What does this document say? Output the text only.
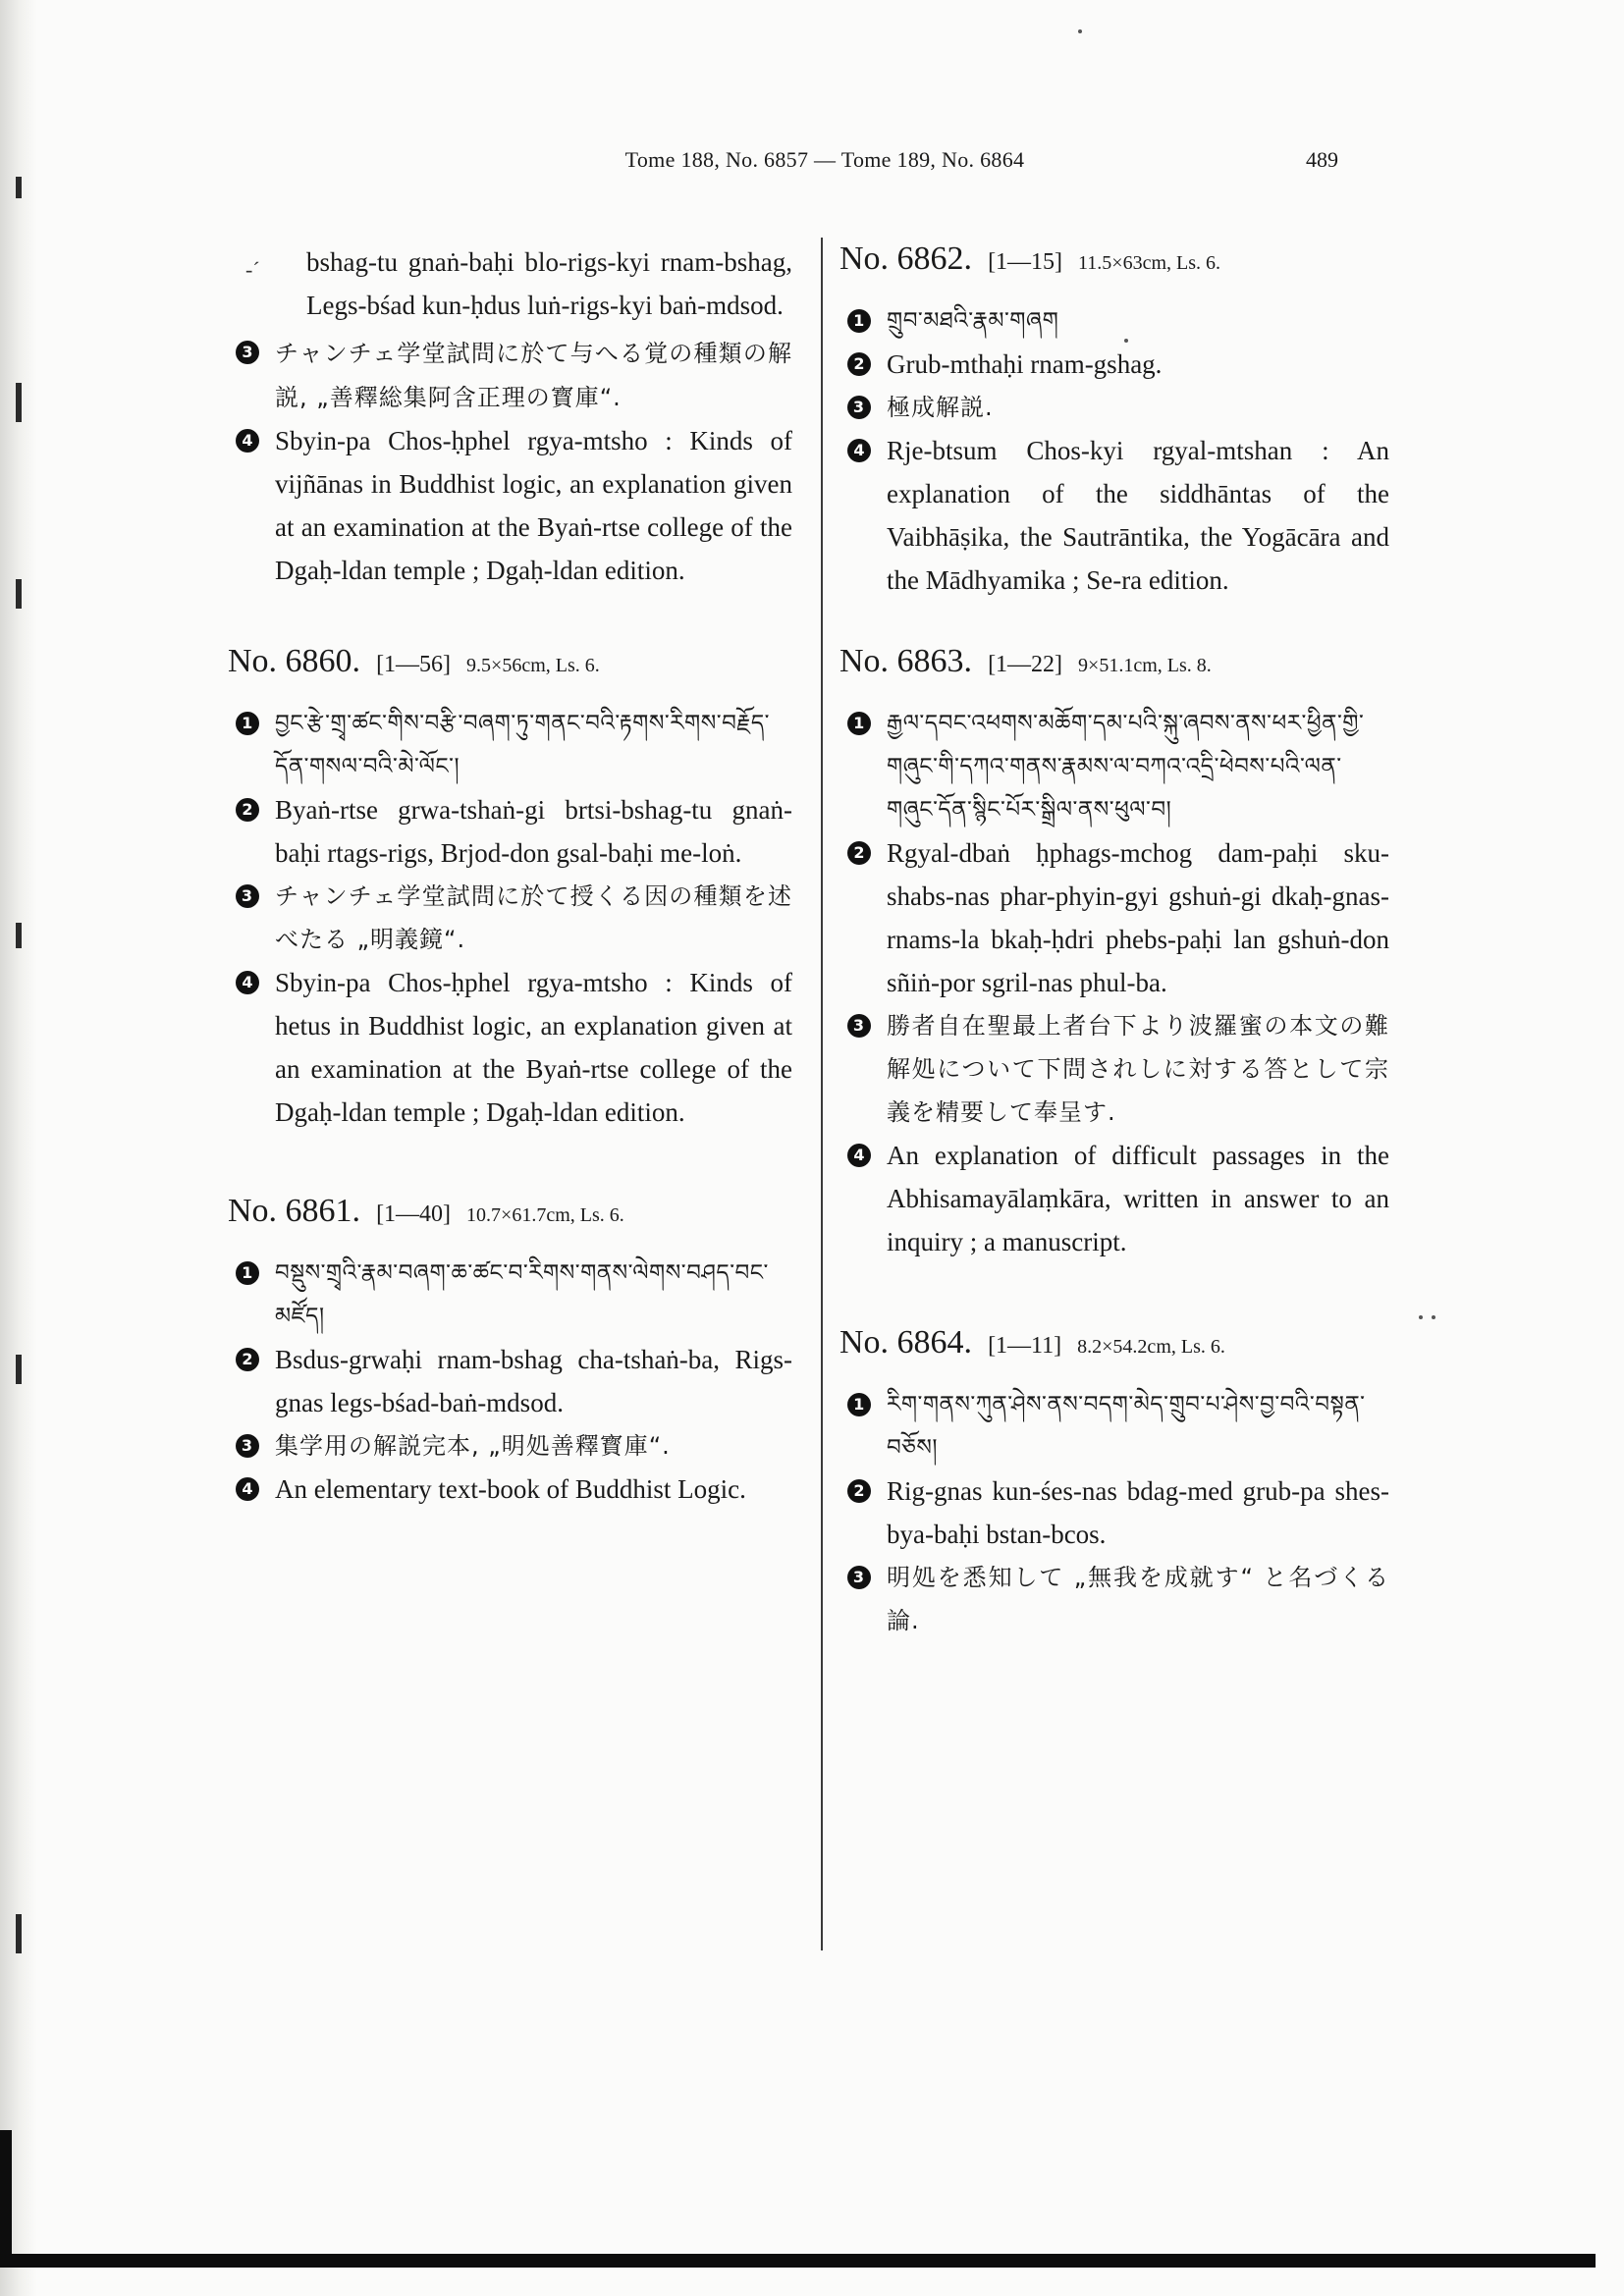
Tome 188, No. 6857 — Tome 189, No. 6864	489
-´	bshag-tu gnaṅ-baḥi blo-rigs-kyi rnam-bshag, Legs-bśad kun-ḥdus luṅ-rigs-kyi baṅ-mdsod.
3 チャンチェ学堂試問に於て与へる覚の種類の解説, „善釋総集阿含正理の寳庫“.
4 Sbyin-pa Chos-ḥphel rgya-mtsho : Kinds of vijñānas in Buddhist logic, an explanation given at an examination at the Byaṅ-rtse college of the Dgaḥ-ldan temple ; Dgaḥ-ldan edition.
No. 6860. [1—56] 9.5×56cm, Ls. 6.
1 བྱང་རྩེ་གྲྭ་ཚང་གིས་བརྩི་བཞག་ཏུ་གནང་བའི་རྟགས་རིགས་བརྗོད་དོན་གསལ་བའི་མེ་ལོང་།
2 Byaṅ-rtse grwa-tshaṅ-gi brtsi-bshag-tu gnaṅ-baḥi rtags-rigs, Brjod-don gsal-baḥi me-loṅ.
3 チャンチェ学堂試問に於て授くる因の種類を述べたる „明義鏡“.
4 Sbyin-pa Chos-ḥphel rgya-mtsho : Kinds of hetus in Buddhist logic, an explanation given at an examination at the Byaṅ-rtse college of the Dgaḥ-ldan temple ; Dgaḥ-ldan edition.
No. 6861. [1—40] 10.7×61.7cm, Ls. 6.
1 བསྡུས་གྲྭའི་རྣམ་བཞག་ཆ་ཚང་བ་རིགས་གནས་ལེགས་བཤད་བང་མཛོད།
2 Bsdus-grwaḥi rnam-bshag cha-tshaṅ-ba, Rigs-gnas legs-bśad-baṅ-mdsod.
3 集学用の解説完本, „明処善釋寳庫“.
4 An elementary text-book of Buddhist Logic.
No. 6862. [1—15] 11.5×63cm, Ls. 6.
1 གྲུབ་མཐའི་རྣམ་གཞག
2 Grub-mthaḥi rnam-gshag.
3 極成解説.
4 Rje-btsum Chos-kyi rgyal-mtshan : An explanation of the siddhāntas of the Vaibhāṣika, the Sautrāntika, the Yogācāra and the Mādhyamika ; Se-ra edition.
No. 6863. [1—22] 9×51.1cm, Ls. 8.
1 རྒྱལ་དབང་འཕགས་མཆོག་དམ་པའི་སྐུ་ཞབས་ནས་ཕར་ཕྱིན་གྱི་གཞུང་གི་དཀའ་གནས་རྣམས་ལ་བཀའ་འདྲི་ཕེབས་པའི་ལན་གཞུང་དོན་སྙིང་པོར་སྒྲིལ་ནས་ཕུལ་བ།
2 Rgyal-dbaṅ ḥphags-mchog dam-paḥi sku-shabs-nas phar-phyin-gyi gshuṅ-gi dkaḥ-gnas-rnams-la bkaḥ-ḥdri phebs-paḥi lan gshuṅ-don sñiṅ-por sgril-nas phul-ba.
3 勝者自在聖最上者台下より波羅蜜の本文の難解処について下問されしに対する答として宗義を精要して奉呈す.
4 An explanation of difficult passages in the Abhisamayālaṃkāra, written in answer to an inquiry ; a manuscript.
No. 6864. [1—11] 8.2×54.2cm, Ls. 6.
1 རིག་གནས་ཀུན་ཤེས་ནས་བདག་མེད་གྲུབ་པ་ཤེས་བྱ་བའི་བསྟན་བཅོས།
2 Rig-gnas kun-śes-nas bdag-med grub-pa shes-bya-baḥi bstan-bcos.
3 明処を悉知して „無我を成就す“ と名づくる論.
